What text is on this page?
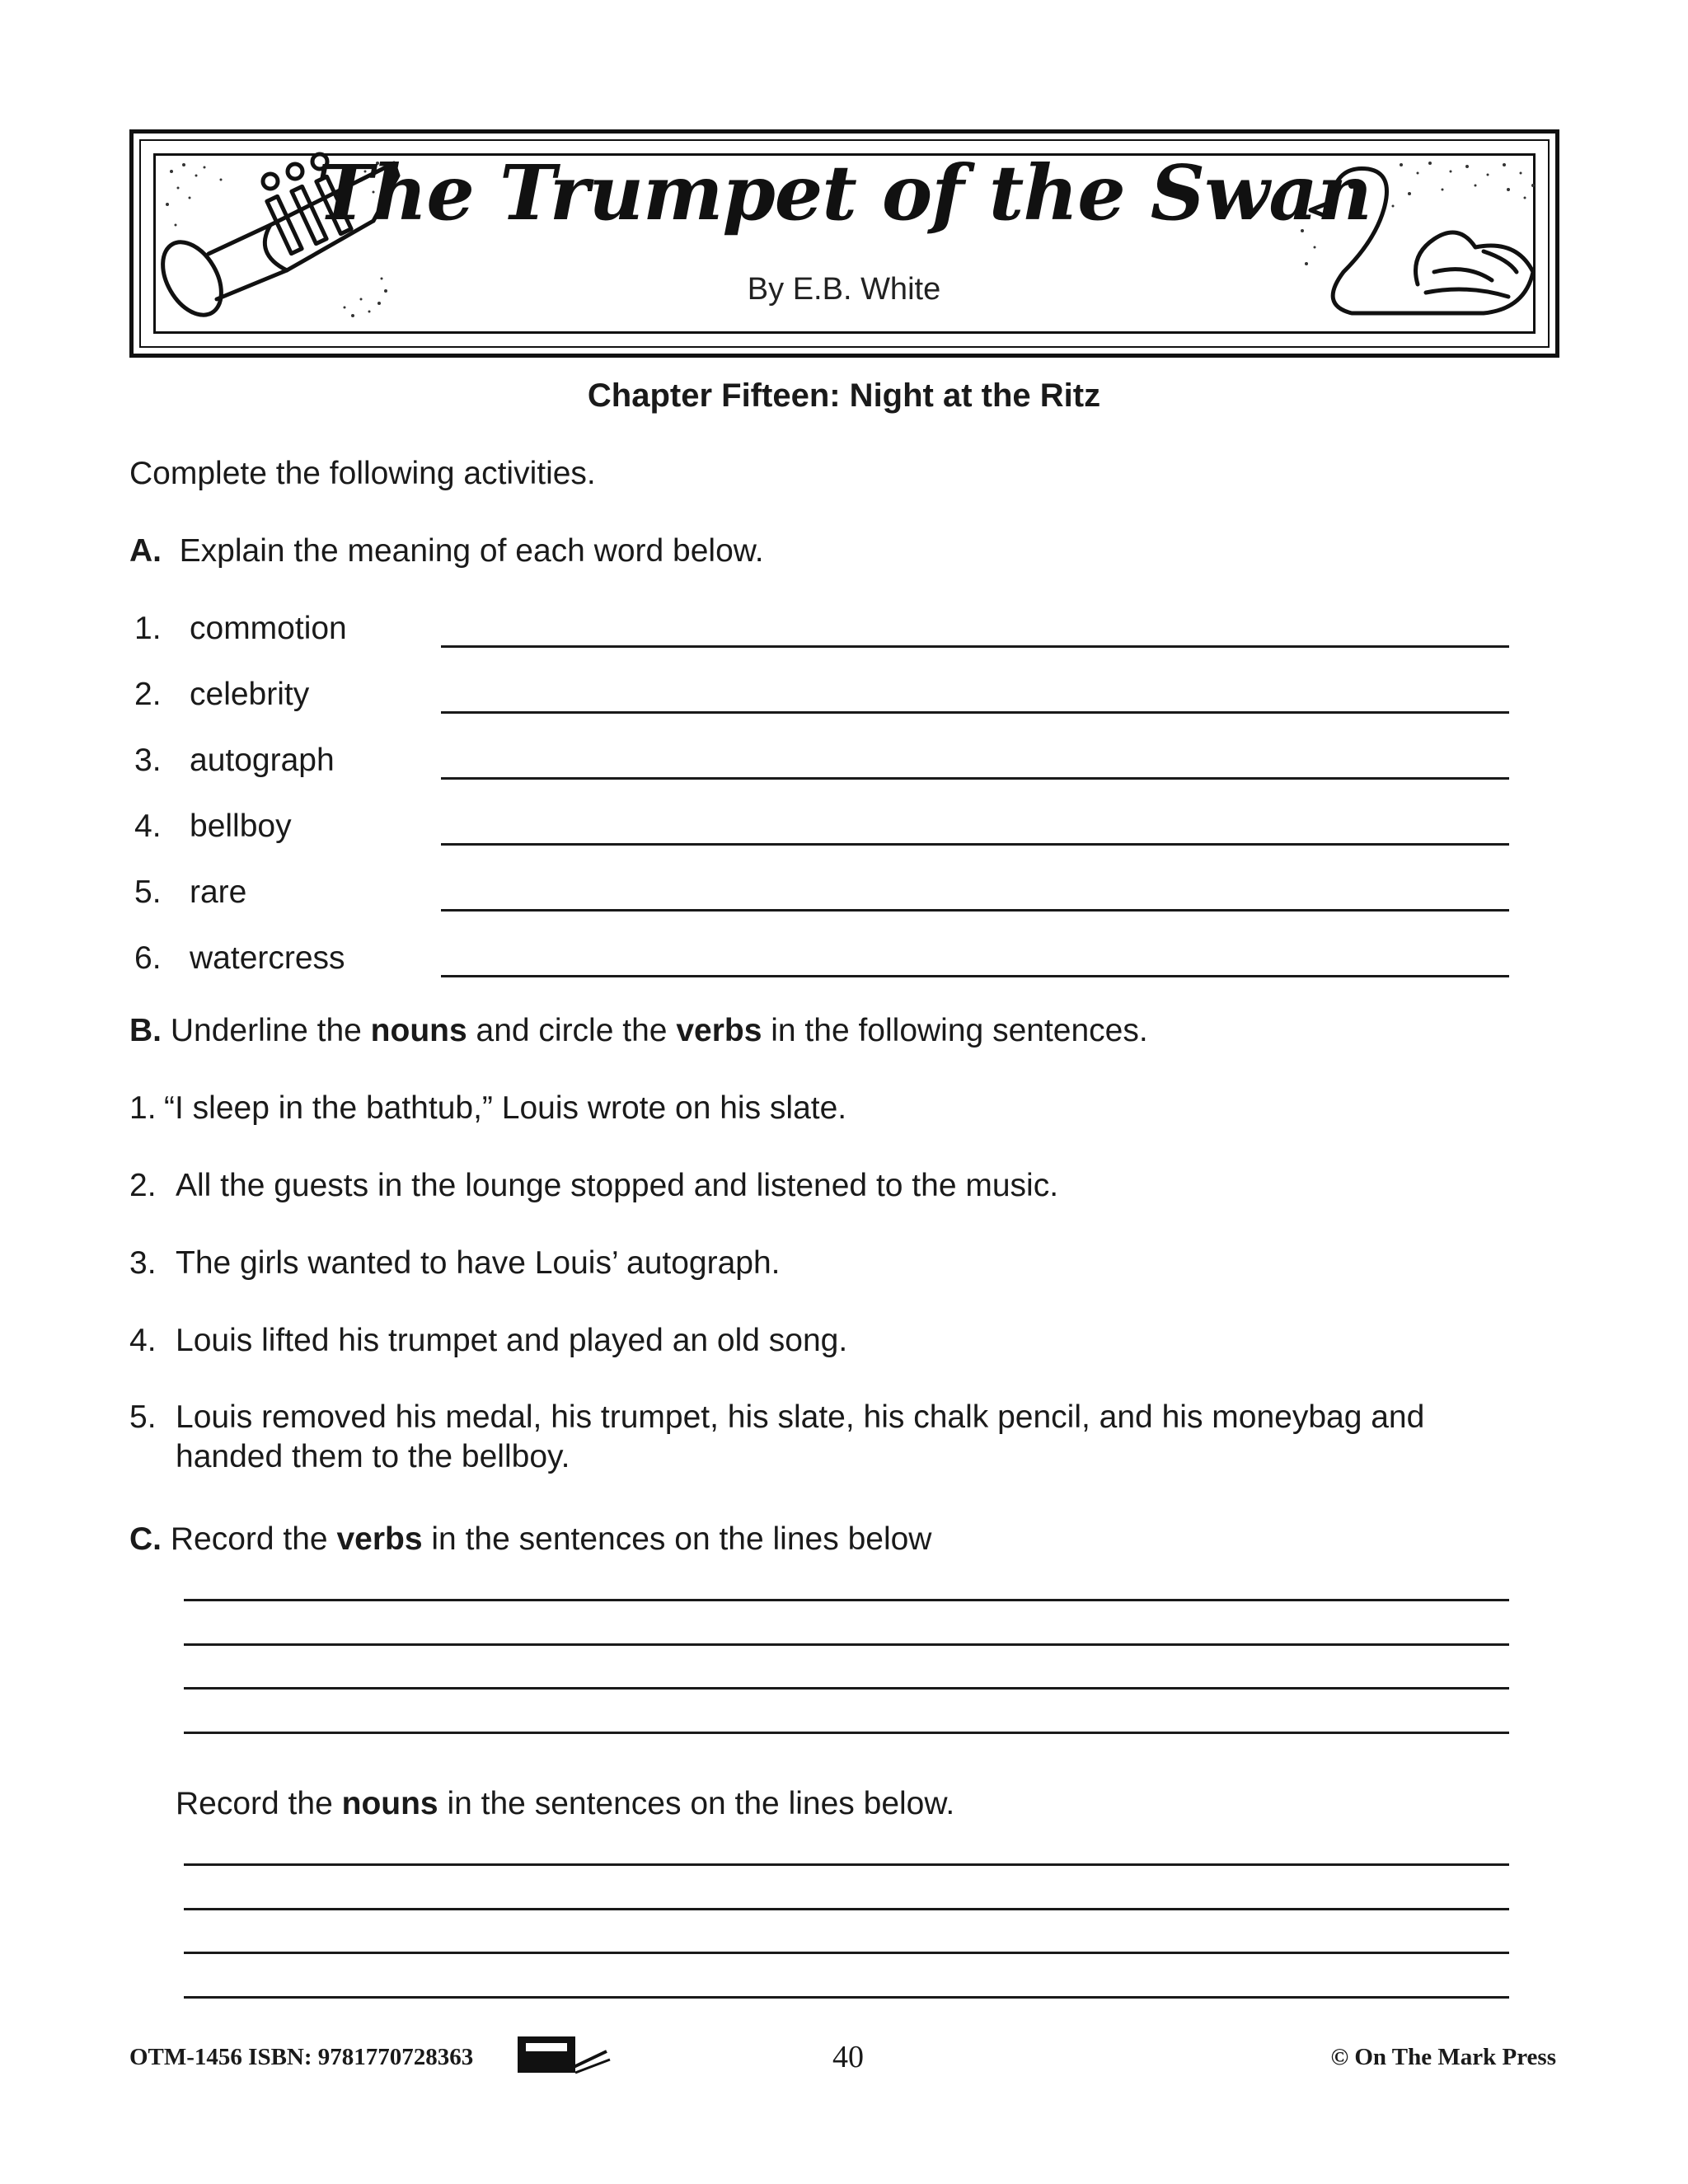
The Trumpet of the Swan
By E.B. White
Chapter Fifteen: Night at the Ritz
Complete the following activities.
A. Explain the meaning of each word below.
1. commotion
2. celebrity
3. autograph
4. bellboy
5. rare
6. watercress
B. Underline the nouns and circle the verbs in the following sentences.
1. “I sleep in the bathtub,” Louis wrote on his slate.
2. All the guests in the lounge stopped and listened to the music.
3. The girls wanted to have Louis’ autograph.
4. Louis lifted his trumpet and played an old song.
5. Louis removed his medal, his trumpet, his slate, his chalk pencil, and his moneybag and
handed them to the bellboy.
C. Record the verbs in the sentences on the lines below
Record the nouns in the sentences on the lines below.
OTM-1456 ISBN: 9781770728363	40	© On The Mark Press
